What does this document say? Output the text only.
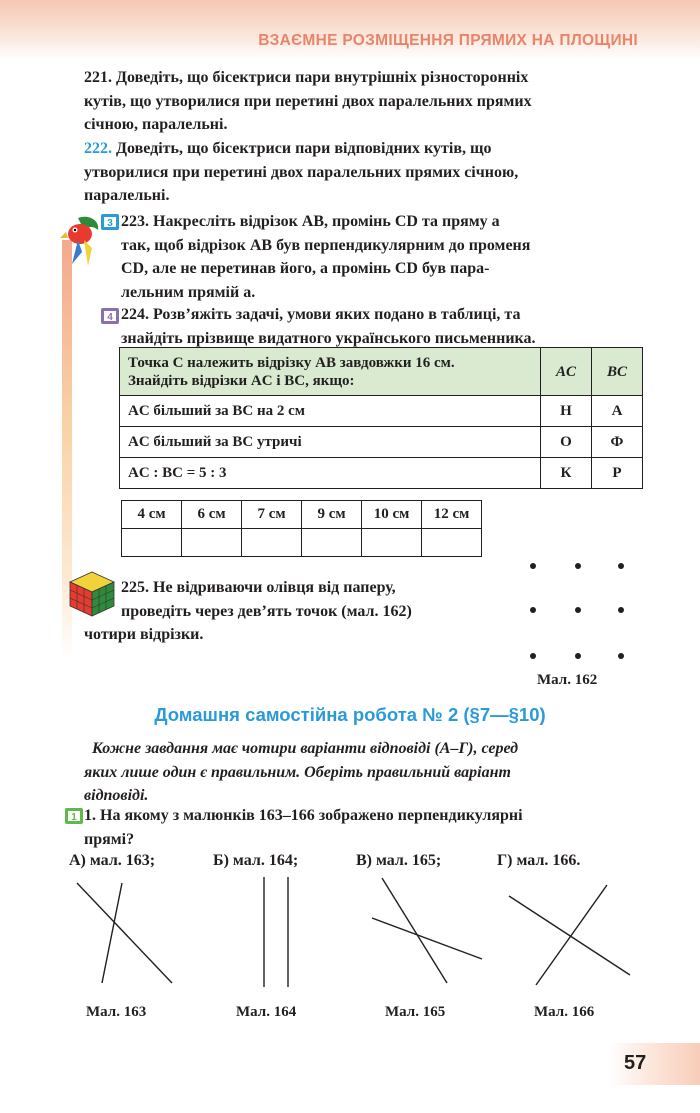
ВЗАЄМНЕ РОЗМІЩЕННЯ ПРЯМИХ НА ПЛОЩИНІ
221. Доведіть, що бісектриси пари внутрішніх різносторонніх
кутів, що утворилися при перетині двох паралельних прямих
січною, паралельні.
222. Доведіть, що бісектриси пари відповідних кутів, що
утворилися при перетині двох паралельних прямих січною,
паралельні.
3 223. Накресліть відрізок AB, промінь CD та пряму a
так, щоб відрізок AB був перпендикулярним до променя
CD, але не перетинав його, а промінь CD був пара-
лельним прямій a.
4 224. Розв’яжіть задачі, умови яких подано в таблиці, та
знайдіть прізвище видатного українського письменника.
Точка C належить відрізку AB завдовжки 16 см.
Знайдіть відрізки AC і BC, якщо:	AC	BC
AC більший за BC на 2 см	Н	А
AC більший за BC утричі	О	Ф
AC : BC = 5 : 3	К	Р
4 см	6 см	7 см	9 см	10 см	12 см

225. Не відриваючи олівця від паперу,
проведіть через дев’ять точок (мал. 162)
чотири відрізки.
Мал. 162
Домашня самостійна робота № 2 (§7—§10)
Кожне завдання має чотири варіанти відповіді (А–Г), серед
яких лише один є правильним. Оберіть правильний варіант
відповіді.
1 1. На якому з малюнків 163–166 зображено перпендикулярні
прямі?
А) мал. 163;	Б) мал. 164;	В) мал. 165;	Г) мал. 166.
Мал. 163	Мал. 164	Мал. 165	Мал. 166
57
